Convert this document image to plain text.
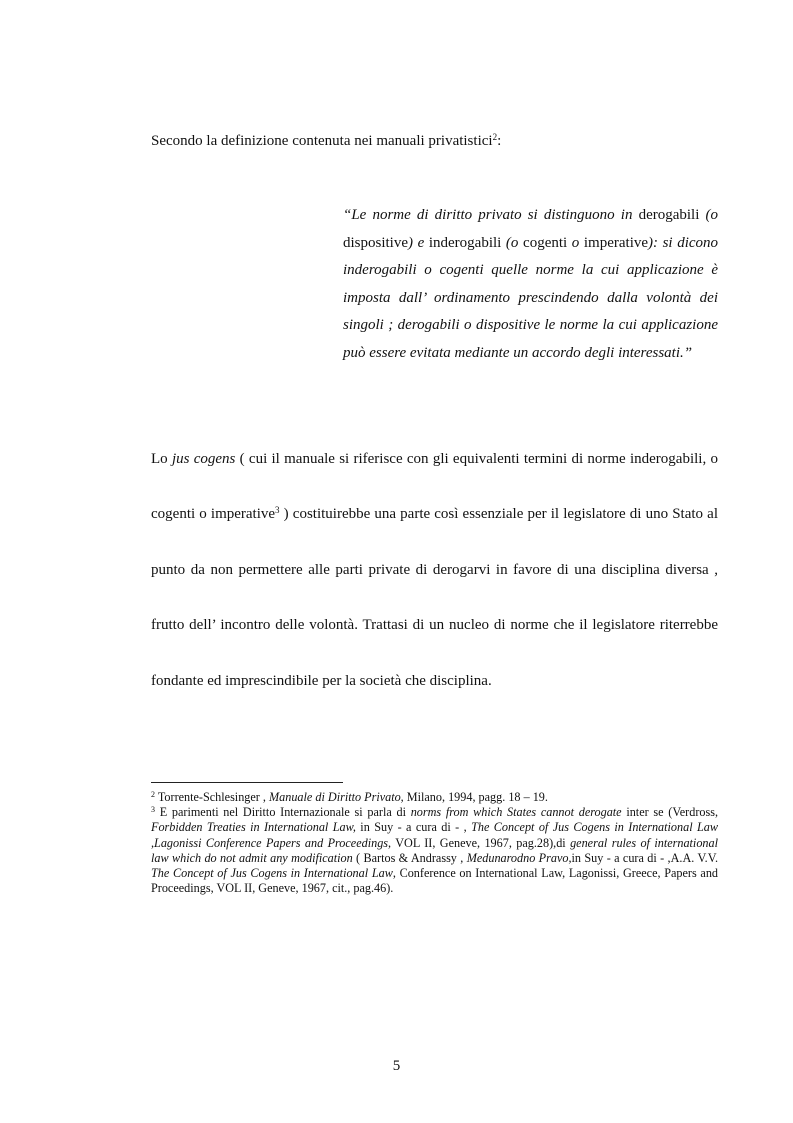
Secondo la definizione contenuta nei manuali privatistici$^2$:

“Le norme di diritto privato si distinguono in derogabili (o dispositive) e inderogabili (o cogenti o imperative): si dicono inderogabili o cogenti quelle norme la cui applicazione è imposta dall’ ordinamento prescindendo dalla volontà dei singoli ; derogabili o dispositive le norme la cui applicazione può essere evitata mediante un accordo degli interessati.”

Lo jus cogens ( cui il manuale si riferisce con gli equivalenti termini di norme inderogabili, o cogenti o imperative$^3$ ) costituirebbe una parte così essenziale per il legislatore di uno Stato al punto da non permettere alle parti private di derogarvi in favore di una disciplina diversa , frutto dell’ incontro delle volontà. Trattasi di un nucleo di norme che il legislatore riterrebbe fondante ed imprescindibile per la società che disciplina.

$^2$ Torrente-Schlesinger , Manuale di Diritto Privato, Milano, 1994, pagg. 18 – 19.

$^3$ E parimenti nel Diritto Internazionale si parla di norms from which States cannot derogate inter se (Verdross, Forbidden Treaties in International Law, in Suy - a cura di - , The Concept of Jus Cogens in International Law ,Lagonissi Conference Papers and Proceedings, VOL II, Geneve, 1967, pag.28),di general rules of international law which do not admit any modification ( Bartos & Andrassy , Medunarodno Pravo,in Suy - a cura di - ,A.A. V.V. The Concept of Jus Cogens in International Law, Conference on International Law, Lagonissi, Greece, Papers and Proceedings, VOL II, Geneve, 1967, cit., pag.46).

5
